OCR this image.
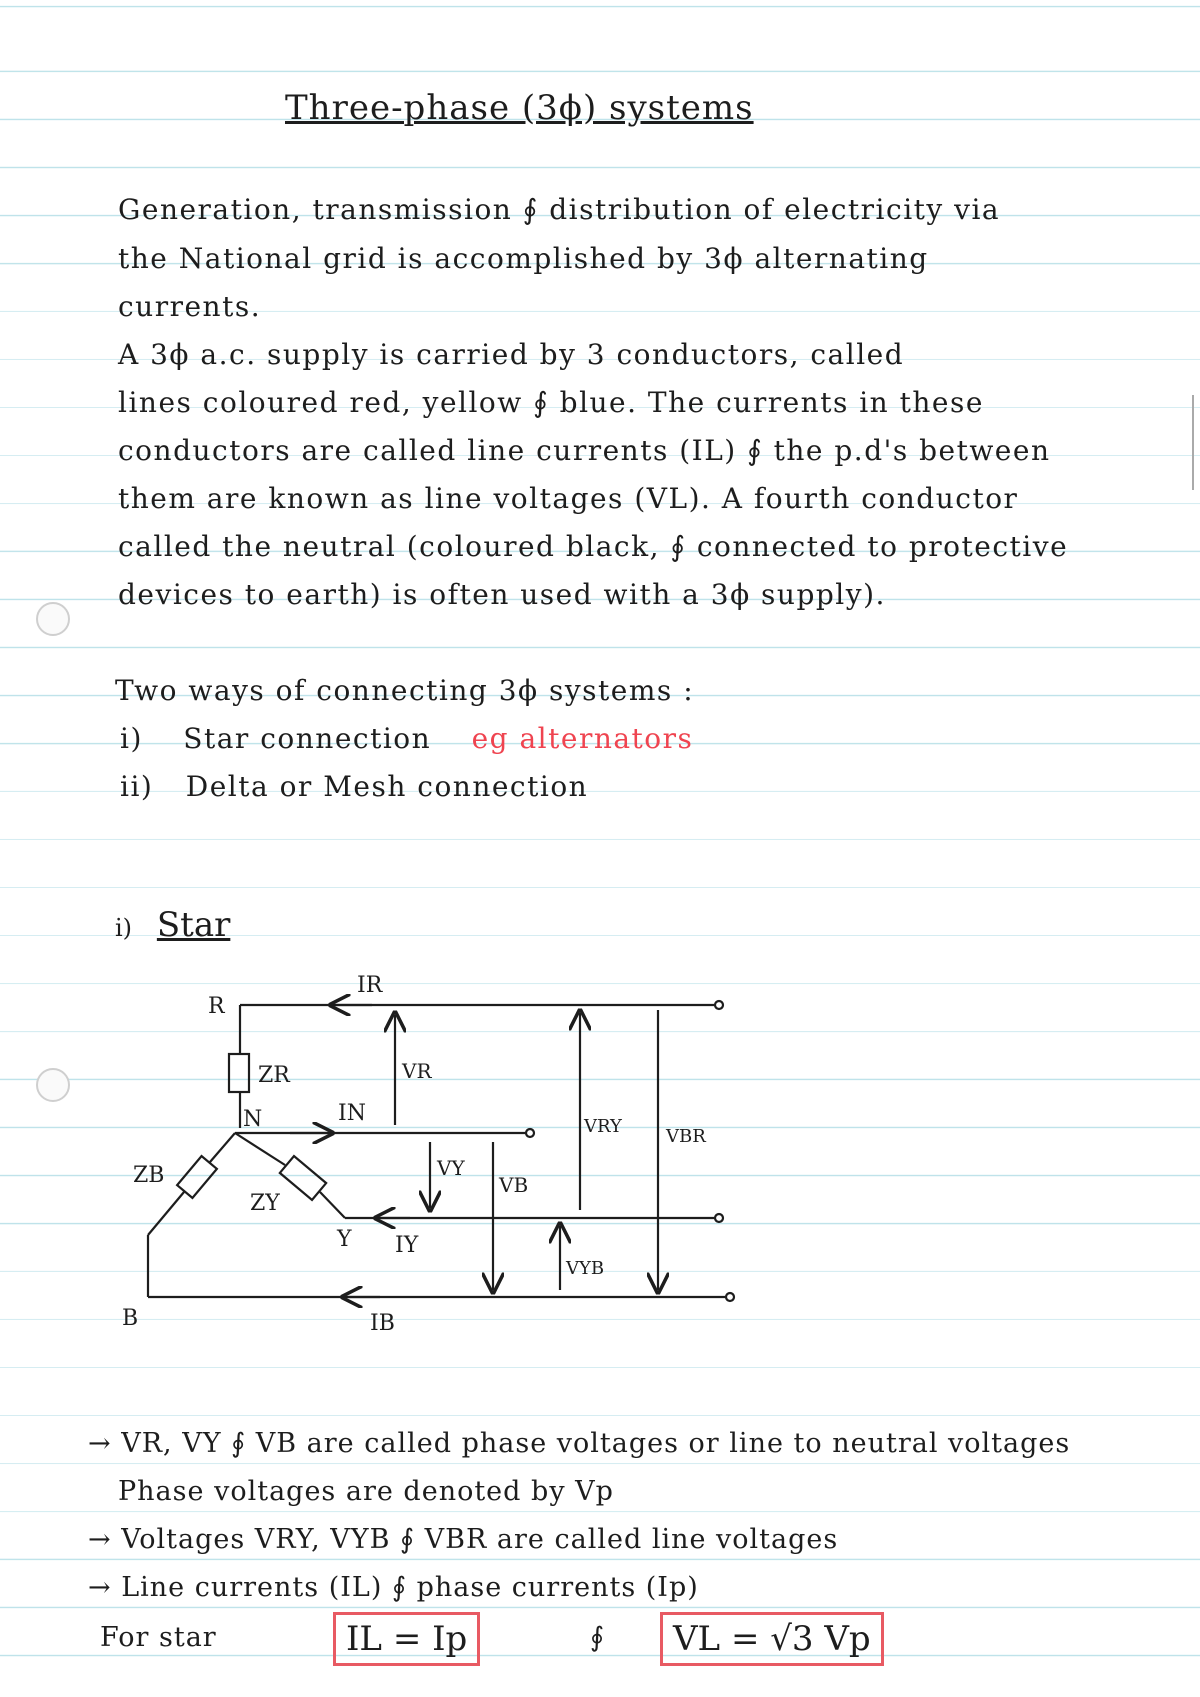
Three-phase (3ϕ) systems
Generation, transmission ∮ distribution of electricity via
the National grid is accomplished by 3ϕ alternating
currents.
A 3ϕ a.c. supply is carried by 3 conductors, called
lines coloured red, yellow ∮ blue. The currents in these
conductors are called line currents (IL) ∮ the p.d's between
them are known as line voltages (VL). A fourth conductor
called the neutral (coloured black, ∮ connected to protective
devices to earth) is often used with a 3ϕ supply).
Two ways of connecting 3ϕ systems :
i) Star connection eg alternators
ii) Delta or Mesh connection
i) Star
R
N
Y
B
ZR
ZY
ZB
IR
IN
IY
IB
VR
VY
VB
VRY VBR
VYB
→ VR, VY ∮ VB are called phase voltages or line to neutral voltages
Phase voltages are denoted by Vp
→ Voltages VRY, VYB ∮ VBR are called line voltages
→ Line currents (IL) ∮ phase currents (Ip)
For star	IL = Ip	∮	VL = √3 Vp
